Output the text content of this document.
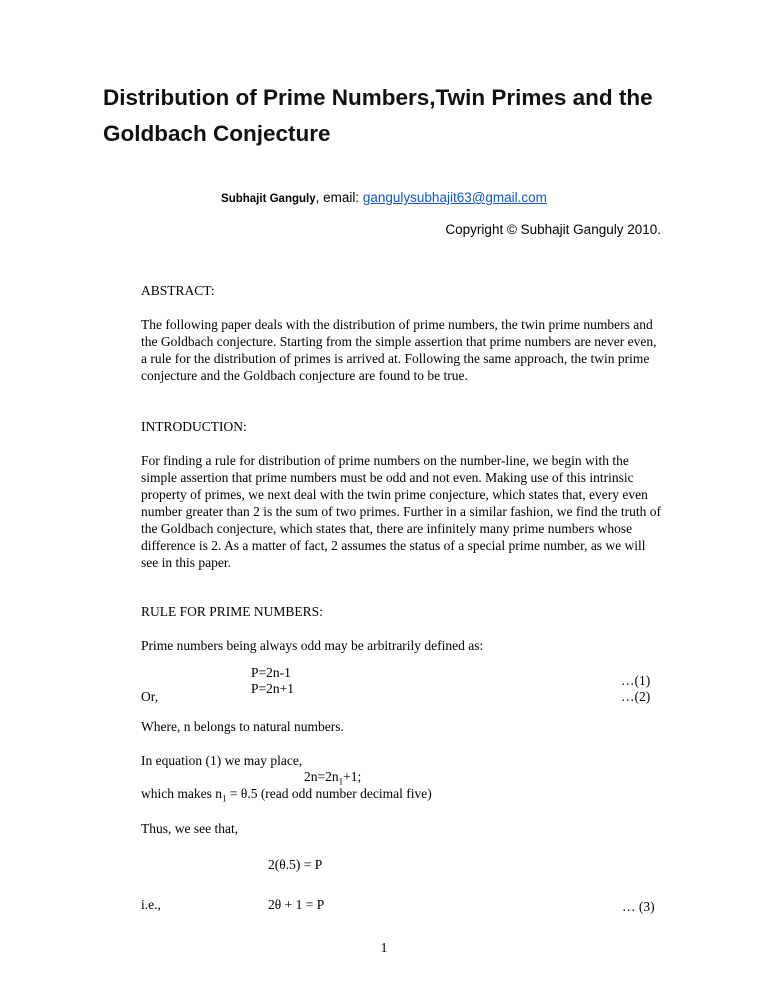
Distribution of Prime Numbers,Twin Primes and the Goldbach Conjecture
Subhajit Ganguly, email: gangulysubhajit63@gmail.com
Copyright © Subhajit Ganguly 2010.
ABSTRACT:
The following paper deals with the distribution of prime numbers, the twin prime numbers and the Goldbach conjecture. Starting from the simple assertion that prime numbers are never even, a rule for the distribution of primes is arrived at. Following the same approach, the twin prime conjecture and the Goldbach conjecture are found to be true.
INTRODUCTION:
For finding a rule for distribution of prime numbers on the number-line, we begin with the simple assertion that prime numbers must be odd and not even. Making use of this intrinsic property of primes, we next deal with the twin prime conjecture, which states that, every even number greater than 2 is the sum of two primes. Further in a similar fashion, we find the truth of the Goldbach conjecture, which states that, there are infinitely many prime numbers whose difference is 2. As a matter of fact, 2 assumes the status of a special prime number, as we will see in this paper.
RULE FOR PRIME NUMBERS:
Prime numbers being always odd may be arbitrarily defined as:
P=2n-1
…(1)
Or,
P=2n+1
…(2)
Where, n belongs to natural numbers.
In equation (1) we may place,
$2n=2n_1+1$;
which makes $n_1 = \theta.5$ (read odd number decimal five)
Thus, we see that,
2(θ.5) = P
i.e.,	2θ + 1 = P	… (3)
1
